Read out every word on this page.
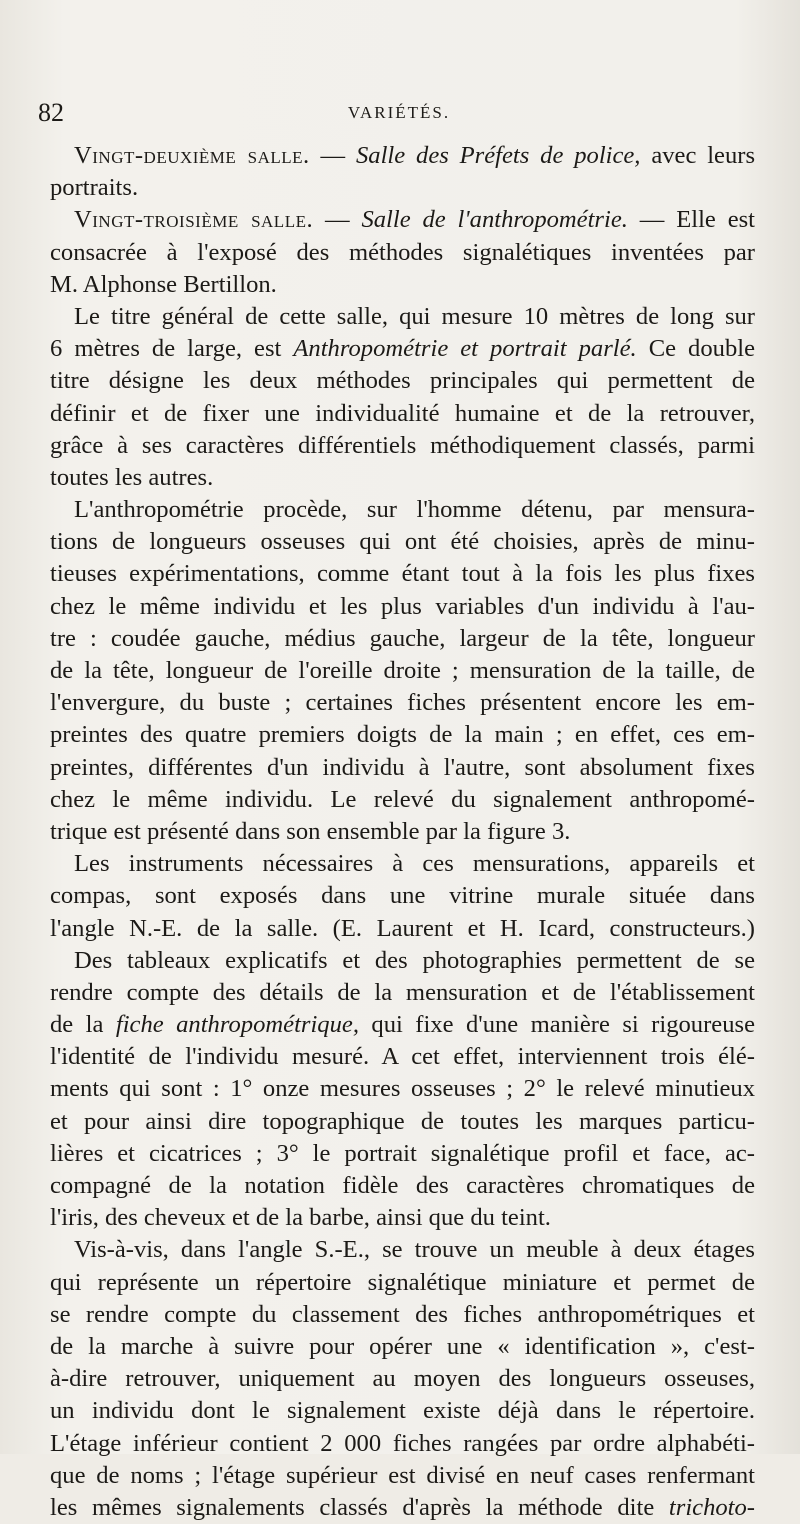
82	VARIÉTÉS.
Vingt-deuxième salle. — Salle des Préfets de police, avec leurs
portraits.
Vingt-troisième salle. — Salle de l'anthropométrie. — Elle est
consacrée à l'exposé des méthodes signalétiques inventées par
M. Alphonse Bertillon.
Le titre général de cette salle, qui mesure 10 mètres de long sur
6 mètres de large, est Anthropométrie et portrait parlé. Ce double
titre désigne les deux méthodes principales qui permettent de
définir et de fixer une individualité humaine et de la retrouver,
grâce à ses caractères différentiels méthodiquement classés, parmi
toutes les autres.
L'anthropométrie procède, sur l'homme détenu, par mensura-
tions de longueurs osseuses qui ont été choisies, après de minu-
tieuses expérimentations, comme étant tout à la fois les plus fixes
chez le même individu et les plus variables d'un individu à l'au-
tre : coudée gauche, médius gauche, largeur de la tête, longueur
de la tête, longueur de l'oreille droite ; mensuration de la taille, de
l'envergure, du buste ; certaines fiches présentent encore les em-
preintes des quatre premiers doigts de la main ; en effet, ces em-
preintes, différentes d'un individu à l'autre, sont absolument fixes
chez le même individu. Le relevé du signalement anthropomé-
trique est présenté dans son ensemble par la figure 3.
Les instruments nécessaires à ces mensurations, appareils et
compas, sont exposés dans une vitrine murale située dans
l'angle N.-E. de la salle. (E. Laurent et H. Icard, constructeurs.)
Des tableaux explicatifs et des photographies permettent de se
rendre compte des détails de la mensuration et de l'établissement
de la fiche anthropométrique, qui fixe d'une manière si rigoureuse
l'identité de l'individu mesuré. A cet effet, interviennent trois élé-
ments qui sont : 1° onze mesures osseuses ; 2° le relevé minutieux
et pour ainsi dire topographique de toutes les marques particu-
lières et cicatrices ; 3° le portrait signalétique profil et face, ac-
compagné de la notation fidèle des caractères chromatiques de
l'iris, des cheveux et de la barbe, ainsi que du teint.
Vis-à-vis, dans l'angle S.-E., se trouve un meuble à deux étages
qui représente un répertoire signalétique miniature et permet de
se rendre compte du classement des fiches anthropométriques et
de la marche à suivre pour opérer une « identification », c'est-
à-dire retrouver, uniquement au moyen des longueurs osseuses,
un individu dont le signalement existe déjà dans le répertoire.
L'étage inférieur contient 2 000 fiches rangées par ordre alphabéti-
que de noms ; l'étage supérieur est divisé en neuf cases renfermant
les mêmes signalements classés d'après la méthode dite trichoto-
